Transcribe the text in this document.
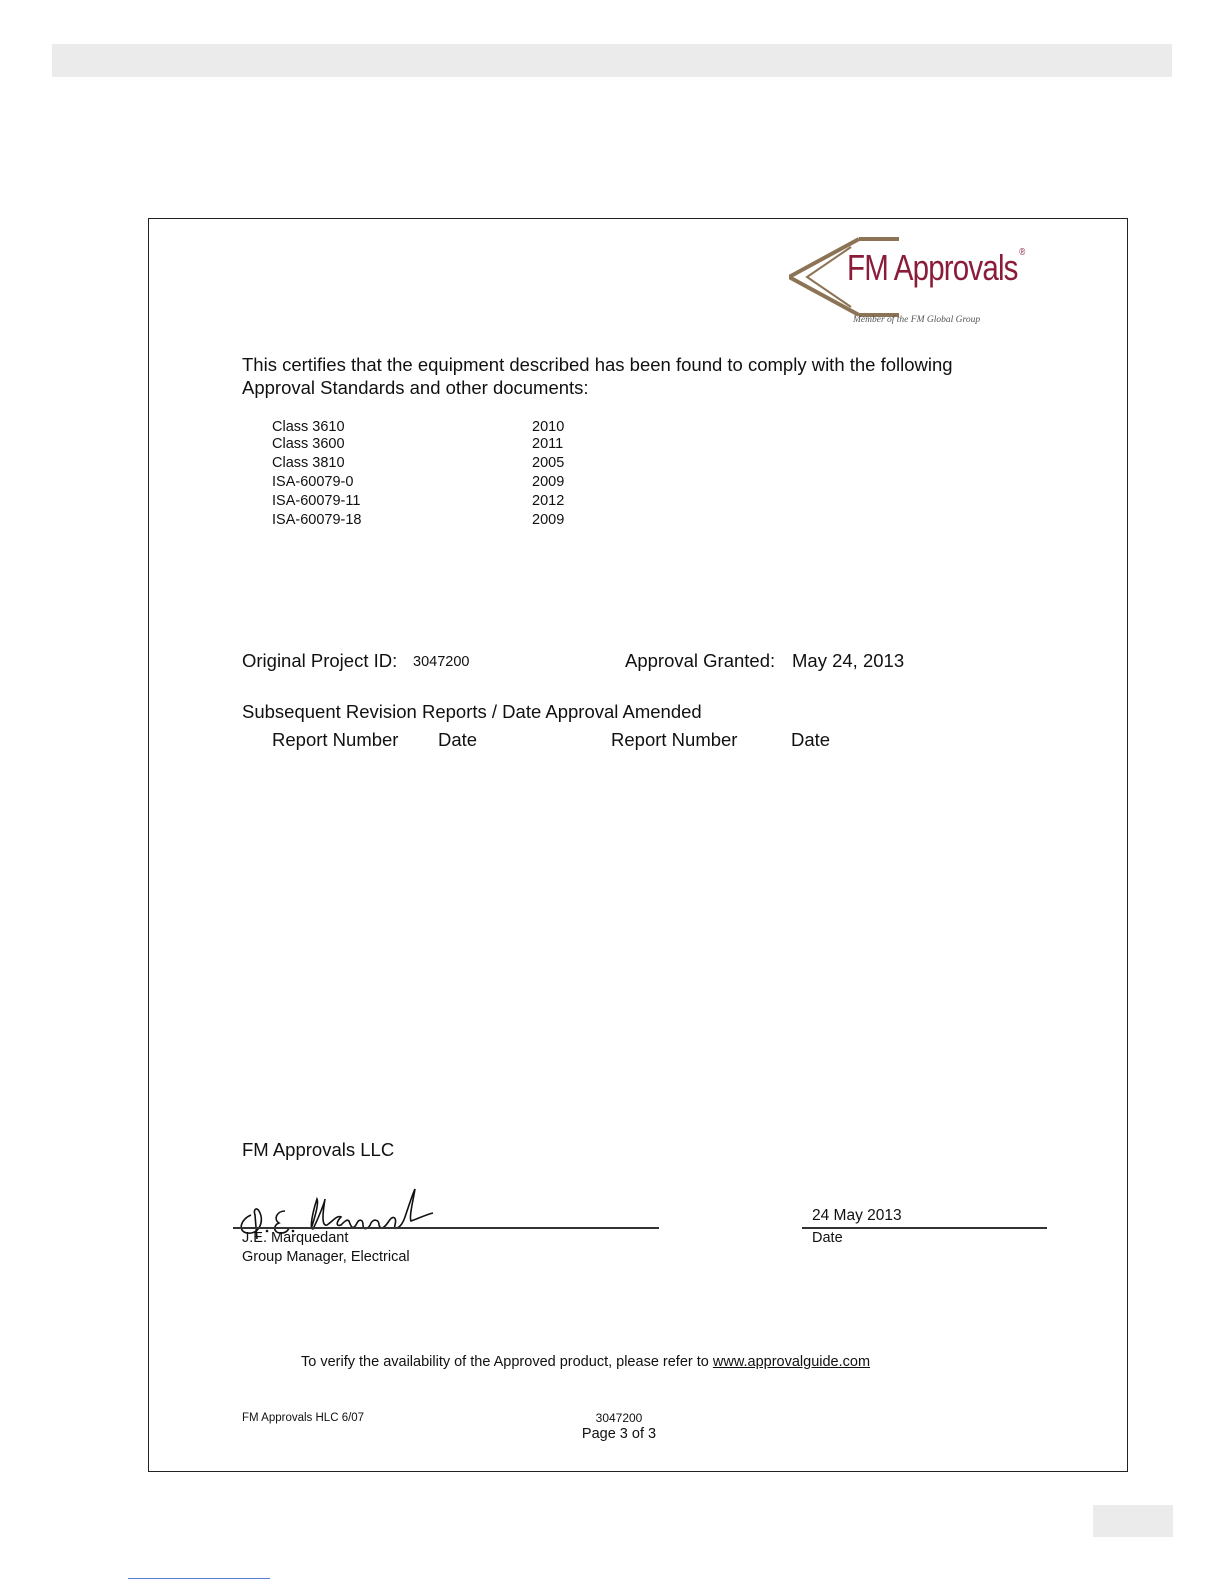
FM Approvals ®
Member of the FM Global Group
This certifies that the equipment described has been found to comply with the following Approval Standards and other documents:
Class 3610	2010
Class 3600	2011
Class 3810	2005
ISA-60079-0	2009
ISA-60079-11	2012
ISA-60079-18	2009
Original Project ID: 3047200	Approval Granted: May 24, 2013
Subsequent Revision Reports / Date Approval Amended
Report Number Date	Report Number	Date
FM Approvals LLC
J.E. Marquedant
Group Manager, Electrical
24 May 2013
Date
To verify the availability of the Approved product, please refer to www.approvalguide.com
FM Approvals HLC 6/07	3047200
Page 3 of 3
